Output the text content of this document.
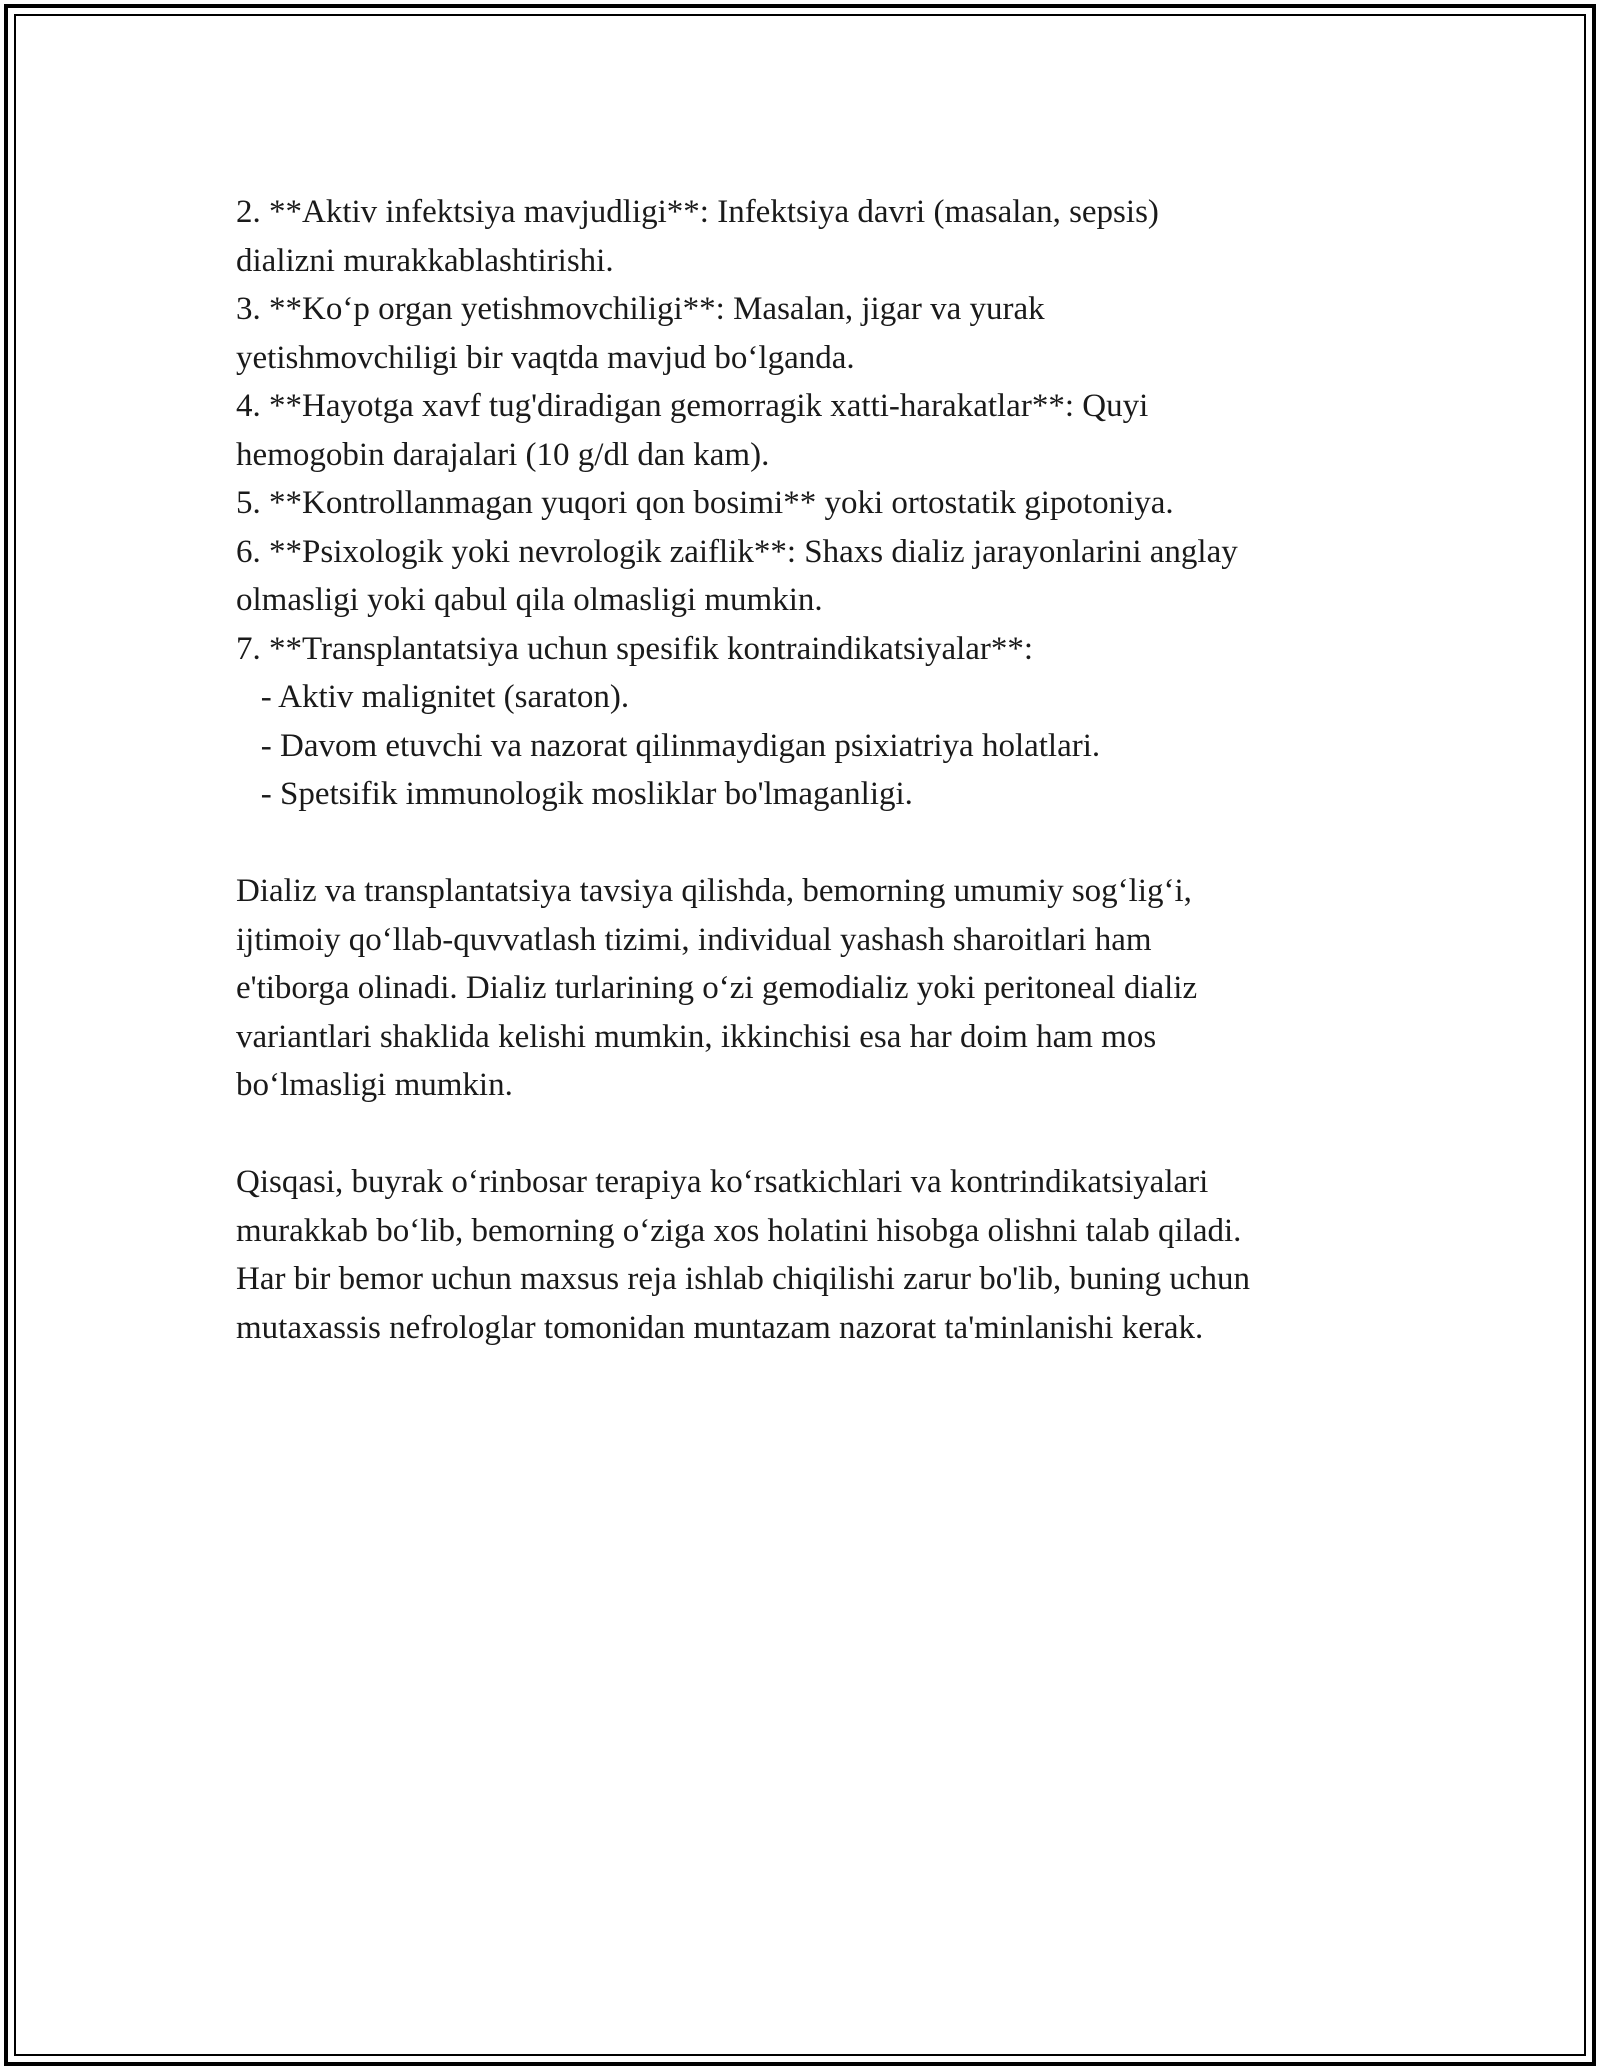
2. **Aktiv infektsiya mavjudligi**: Infektsiya davri (masalan, sepsis)

dializni murakkablashtirishi.

3. **Ko‘p organ yetishmovchiligi**: Masalan, jigar va yurak

yetishmovchiligi bir vaqtda mavjud bo‘lganda.

4. **Hayotga xavf tug'diradigan gemorragik xatti-harakatlar**: Quyi

hemogobin darajalari (10 g/dl dan kam).

5. **Kontrollanmagan yuqori qon bosimi** yoki ortostatik gipotoniya.

6. **Psixologik yoki nevrologik zaiflik**: Shaxs dializ jarayonlarini anglay

olmasligi yoki qabul qila olmasligi mumkin.

7. **Transplantatsiya uchun spesifik kontraindikatsiyalar**:

- Aktiv malignitet (saraton).

- Davom etuvchi va nazorat qilinmaydigan psixiatriya holatlari.

- Spetsifik immunologik mosliklar bo'lmaganligi.

Dializ va transplantatsiya tavsiya qilishda, bemorning umumiy sog‘lig‘i,

ijtimoiy qo‘llab-quvvatlash tizimi, individual yashash sharoitlari ham

e'tiborga olinadi. Dializ turlarining o‘zi gemodializ yoki peritoneal dializ

variantlari shaklida kelishi mumkin, ikkinchisi esa har doim ham mos

bo‘lmasligi mumkin.

Qisqasi, buyrak o‘rinbosar terapiya ko‘rsatkichlari va kontrindikatsiyalari

murakkab bo‘lib, bemorning o‘ziga xos holatini hisobga olishni talab qiladi.

Har bir bemor uchun maxsus reja ishlab chiqilishi zarur bo'lib, buning uchun

mutaxassis nefrologlar tomonidan muntazam nazorat ta'minlanishi kerak.
